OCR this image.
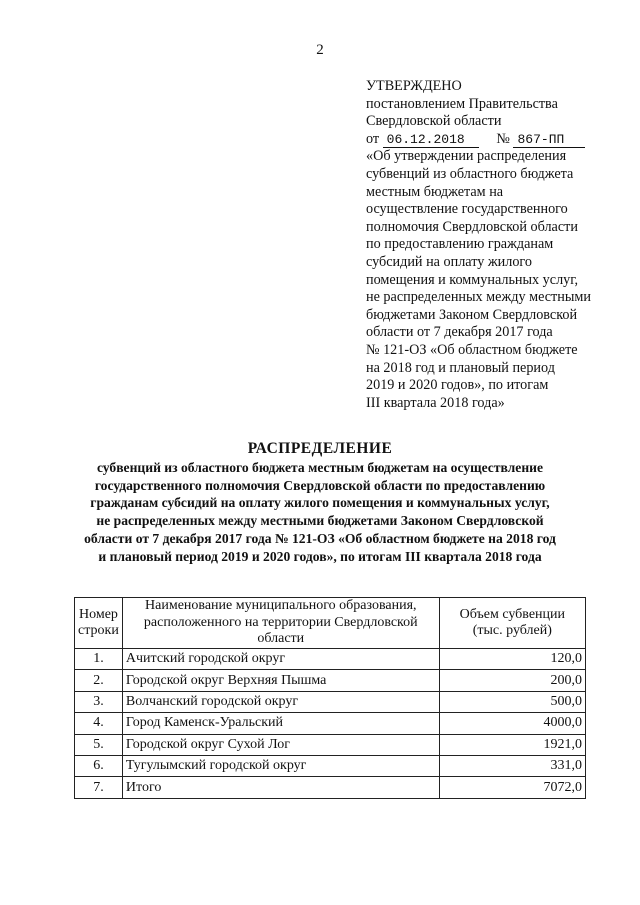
2
УТВЕРЖДЕНО
постановлением Правительства
Свердловской области
от 06.12.2018 № 867-ПП
«Об утверждении распределения
субвенций из областного бюджета
местным бюджетам на
осуществление государственного
полномочия Свердловской области
по предоставлению гражданам
субсидий на оплату жилого
помещения и коммунальных услуг,
не распределенных между местными
бюджетами Законом Свердловской
области от 7 декабря 2017 года
№ 121-ОЗ «Об областном бюджете
на 2018 год и плановый период
2019 и 2020 годов», по итогам
III квартала 2018 года»
РАСПРЕДЕЛЕНИЕ
субвенций из областного бюджета местным бюджетам на осуществление
государственного полномочия Свердловской области по предоставлению
гражданам субсидий на оплату жилого помещения и коммунальных услуг,
не распределенных между местными бюджетами Законом Свердловской
области от 7 декабря 2017 года № 121-ОЗ «Об областном бюджете на 2018 год
и плановый период 2019 и 2020 годов», по итогам III квартала 2018 года
Номер
строки	Наименование муниципального образования,
расположенного на территории Свердловской
области	Объем субвенции
(тыс. рублей)
1.	Ачитский городской округ	120,0
2.	Городской округ Верхняя Пышма	200,0
3.	Волчанский городской округ	500,0
4.	Город Каменск-Уральский	4000,0
5.	Городской округ Сухой Лог	1921,0
6.	Тугулымский городской округ	331,0
7.	Итого	7072,0
